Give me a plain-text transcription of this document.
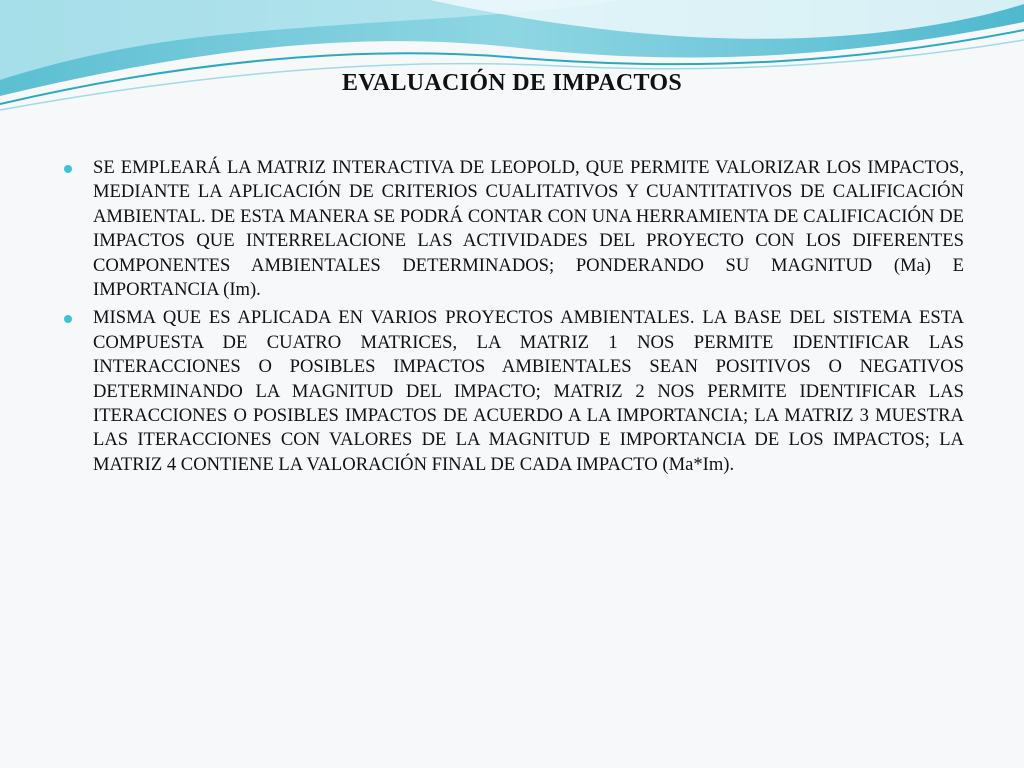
EVALUACIÓN DE IMPACTOS
SE EMPLEARÁ LA MATRIZ INTERACTIVA DE LEOPOLD, QUE PERMITE VALORIZAR LOS IMPACTOS, MEDIANTE LA APLICACIÓN DE CRITERIOS CUALITATIVOS Y CUANTITATIVOS DE CALIFICACIÓN AMBIENTAL. DE ESTA MANERA SE PODRÁ CONTAR CON UNA HERRAMIENTA DE CALIFICACIÓN DE IMPACTOS QUE INTERRELACIONE LAS ACTIVIDADES DEL PROYECTO CON LOS DIFERENTES COMPONENTES AMBIENTALES DETERMINADOS; PONDERANDO SU MAGNITUD (Ma) E IMPORTANCIA (Im).
MISMA QUE ES APLICADA EN VARIOS PROYECTOS AMBIENTALES. LA BASE DEL SISTEMA ESTA COMPUESTA DE CUATRO MATRICES, LA MATRIZ 1 NOS PERMITE IDENTIFICAR LAS INTERACCIONES O POSIBLES IMPACTOS AMBIENTALES SEAN POSITIVOS O NEGATIVOS DETERMINANDO LA MAGNITUD DEL IMPACTO; MATRIZ 2 NOS PERMITE IDENTIFICAR LAS ITERACCIONES O POSIBLES IMPACTOS DE ACUERDO A LA IMPORTANCIA; LA MATRIZ 3 MUESTRA LAS ITERACCIONES CON VALORES DE LA MAGNITUD E IMPORTANCIA DE LOS IMPACTOS; LA MATRIZ 4 CONTIENE LA VALORACIÓN FINAL DE CADA IMPACTO (Ma*Im).
